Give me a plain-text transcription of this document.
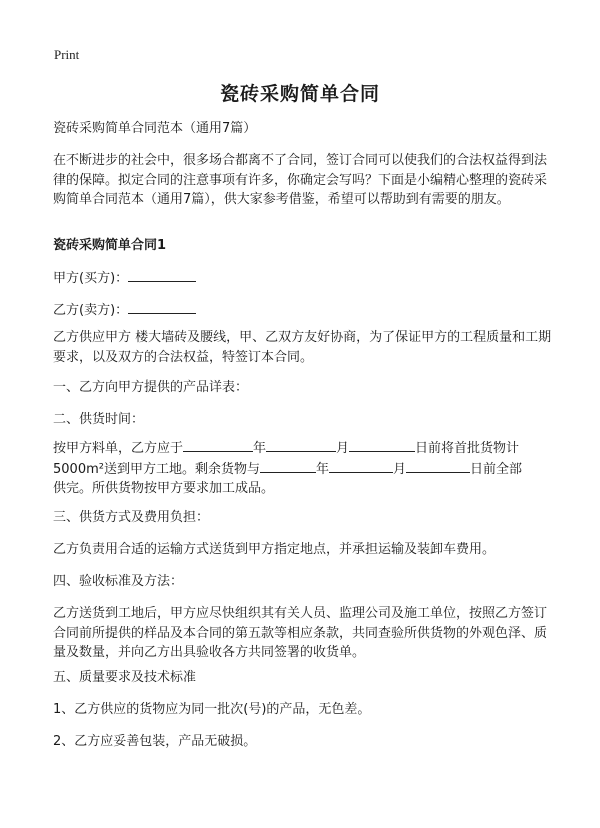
Print
瓷砖采购简单合同

瓷砖采购简单合同范本（通用7篇）

在不断进步的社会中，很多场合都离不了合同，签订合同可以使我们的合法权益得到法律的保障。拟定合同的注意事项有许多，你确定会写吗？下面是小编精心整理的瓷砖采购简单合同范本（通用7篇），供大家参考借鉴，希望可以帮助到有需要的朋友。

瓷砖采购简单合同1

甲方(买方)：

乙方(卖方)：

乙方供应甲方 楼大墙砖及腰线，甲、乙双方友好协商，为了保证甲方的工程质量和工期要求，以及双方的合法权益，特签订本合同。

一、乙方向甲方提供的产品详表：

二、供货时间：

按甲方料单，乙方应于	年	月	日前将首批货物计
5000m²送到甲方工地。剩余货物与	年	月	日前全部
供完。所供货物按甲方要求加工成品。

三、供货方式及费用负担：

乙方负责用合适的运输方式送货到甲方指定地点，并承担运输及装卸车费用。

四、验收标准及方法：

乙方送货到工地后，甲方应尽快组织其有关人员、监理公司及施工单位，按照乙方签订合同前所提供的样品及本合同的第五款等相应条款，共同查验所供货物的外观色泽、质量及数量，并向乙方出具验收各方共同签署的收货单。

五、质量要求及技术标准

1、乙方供应的货物应为同一批次(号)的产品，无色差。

2、乙方应妥善包装，产品无破损。
